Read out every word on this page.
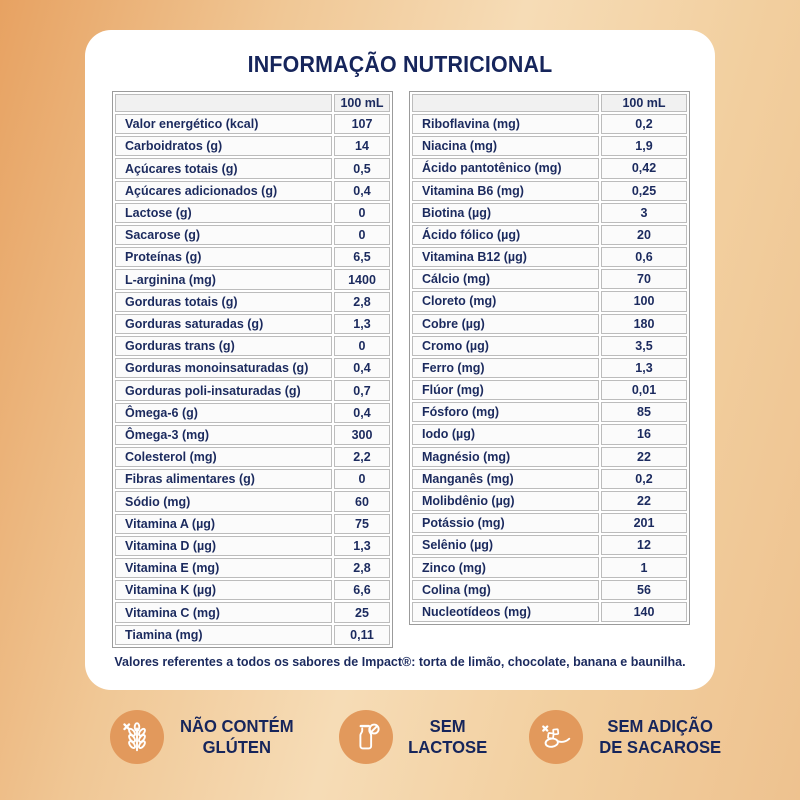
INFORMAÇÃO NUTRICIONAL
	100 mL
Valor energético (kcal)	107
Carboidratos (g)	14
Açúcares totais (g)	0,5
Açúcares adicionados (g)	0,4
Lactose (g)	0
Sacarose (g)	0
Proteínas (g)	6,5
L-arginina (mg)	1400
Gorduras totais (g)	2,8
Gorduras saturadas (g)	1,3
Gorduras trans (g)	0
Gorduras monoinsaturadas (g)	0,4
Gorduras poli-insaturadas (g)	0,7
Ômega-6 (g)	0,4
Ômega-3 (mg)	300
Colesterol (mg)	2,2
Fibras alimentares (g)	0
Sódio (mg)	60
Vitamina A (µg)	75
Vitamina D (µg)	1,3
Vitamina E (mg)	2,8
Vitamina K (µg)	6,6
Vitamina C (mg)	25
Tiamina (mg)	0,11
	100 mL
Riboflavina (mg)	0,2
Niacina (mg)	1,9
Ácido pantotênico (mg)	0,42
Vitamina B6 (mg)	0,25
Biotina (µg)	3
Ácido fólico (µg)	20
Vitamina B12 (µg)	0,6
Cálcio (mg)	70
Cloreto (mg)	100
Cobre (µg)	180
Cromo (µg)	3,5
Ferro (mg)	1,3
Flúor (mg)	0,01
Fósforo (mg)	85
Iodo (µg)	16
Magnésio (mg)	22
Manganês (mg)	0,2
Molibdênio (µg)	22
Potássio (mg)	201
Selênio (µg)	12
Zinco (mg)	1
Colina (mg)	56
Nucleotídeos (mg)	140
Valores referentes a todos os sabores de Impact®: torta de limão, chocolate, banana e baunilha.
NÃO CONTÉM
GLÚTEN
SEM
LACTOSE
SEM ADIÇÃO
DE SACAROSE
